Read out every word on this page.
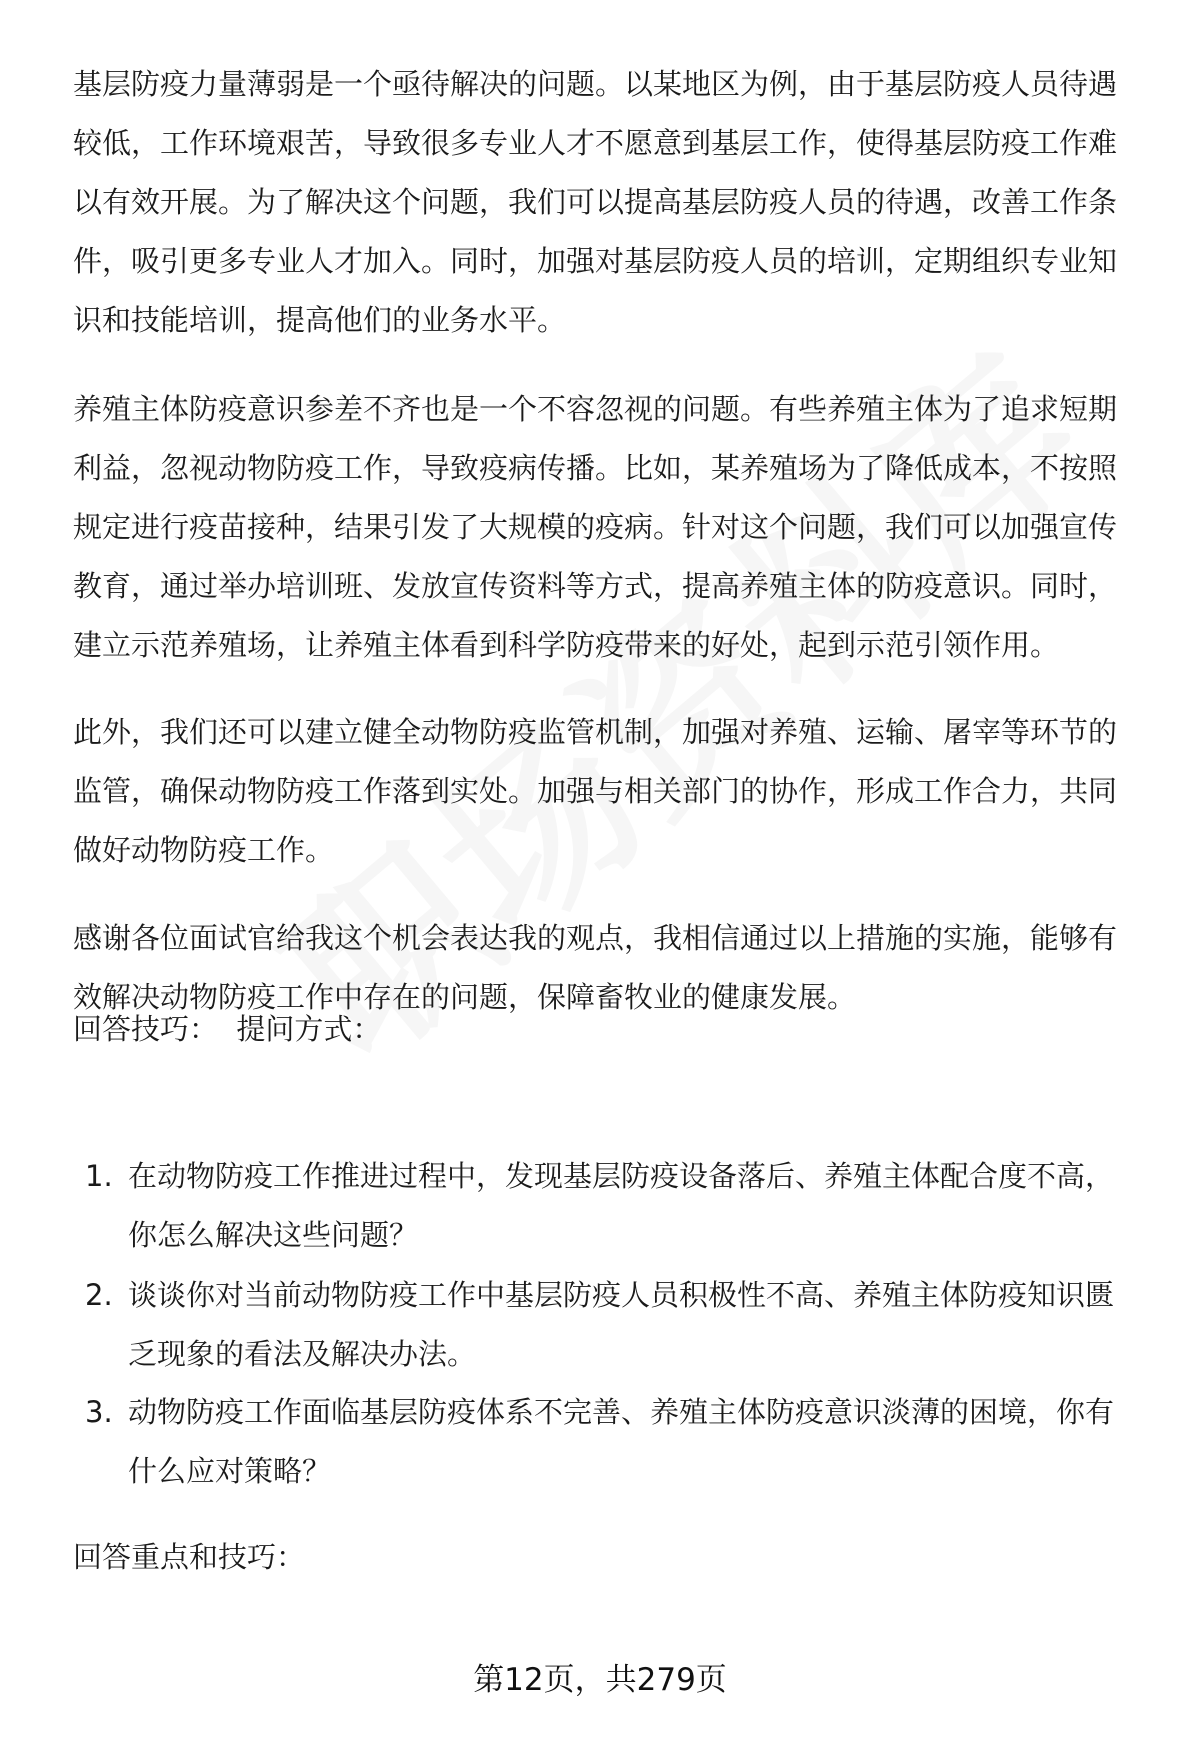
基层防疫力量薄弱是一个亟待解决的问题。以某地区为例，由于基层防疫人员待遇
较低，工作环境艰苦，导致很多专业人才不愿意到基层工作，使得基层防疫工作难
以有效开展。为了解决这个问题，我们可以提高基层防疫人员的待遇，改善工作条
件，吸引更多专业人才加入。同时，加强对基层防疫人员的培训，定期组织专业知
识和技能培训，提高他们的业务水平。
养殖主体防疫意识参差不齐也是一个不容忽视的问题。有些养殖主体为了追求短期
利益，忽视动物防疫工作，导致疫病传播。比如，某养殖场为了降低成本，不按照
规定进行疫苗接种，结果引发了大规模的疫病。针对这个问题，我们可以加强宣传
教育，通过举办培训班、发放宣传资料等方式，提高养殖主体的防疫意识。同时，
建立示范养殖场，让养殖主体看到科学防疫带来的好处，起到示范引领作用。
此外，我们还可以建立健全动物防疫监管机制，加强对养殖、运输、屠宰等环节的
监管，确保动物防疫工作落到实处。加强与相关部门的协作，形成工作合力，共同
做好动物防疫工作。
感谢各位面试官给我这个机会表达我的观点，我相信通过以上措施的实施，能够有
效解决动物防疫工作中存在的问题，保障畜牧业的健康发展。
回答技巧：  提问方式：
1. 在动物防疫工作推进过程中，发现基层防疫设备落后、养殖主体配合度不高，
你怎么解决这些问题？
2. 谈谈你对当前动物防疫工作中基层防疫人员积极性不高、养殖主体防疫知识匮
乏现象的看法及解决办法。
3. 动物防疫工作面临基层防疫体系不完善、养殖主体防疫意识淡薄的困境，你有
什么应对策略？
回答重点和技巧：
第12页，共279页
